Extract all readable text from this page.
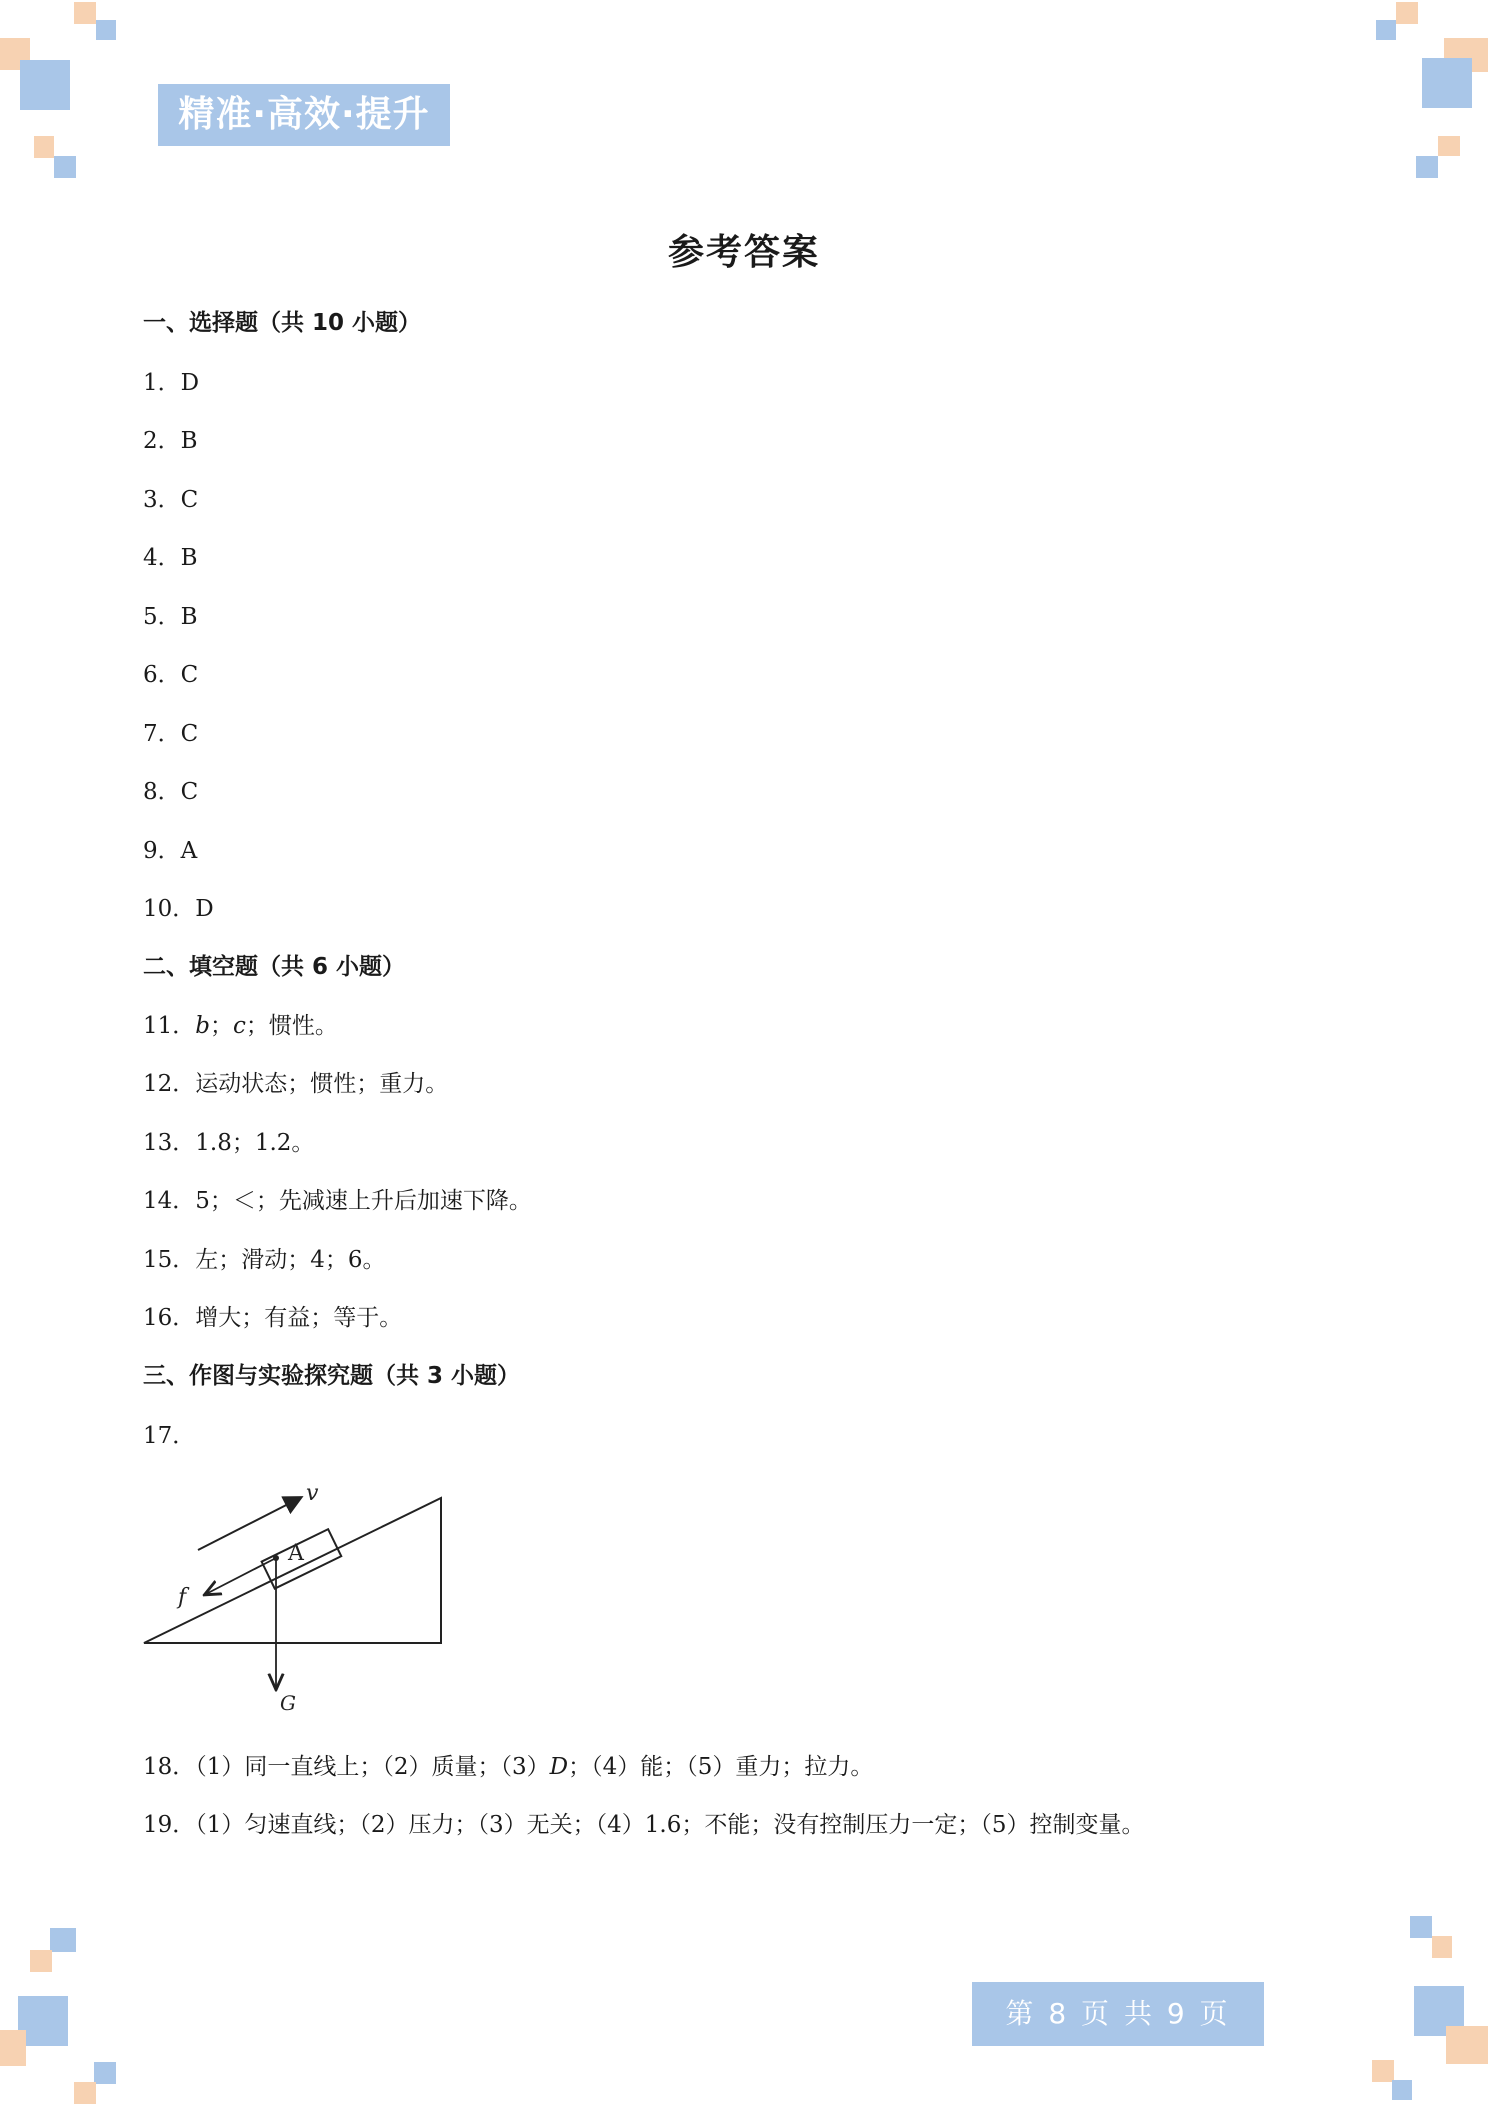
精准·高效·提升
参考答案
一、选择题（共 10 小题）
1．D
2．B
3．C
4．B
5．B
6．C
7．C
8．C
9．A
10．D
二、填空题（共 6 小题）
11．b；c；惯性。
12．运动状态；惯性；重力。
13．1.8；1.2。
14．5；＜；先减速上升后加速下降。
15．左；滑动；4；6。
16．增大；有益；等于。
三、作图与实验探究题（共 3 小题）
17．
v
A
f
G
18．（1）同一直线上；（2）质量；（3）D；（4）能；（5）重力；拉力。
19．（1）匀速直线；（2）压力；（3）无关；（4）1.6；不能；没有控制压力一定；（5）控制变量。
第 8 页 共 9 页
